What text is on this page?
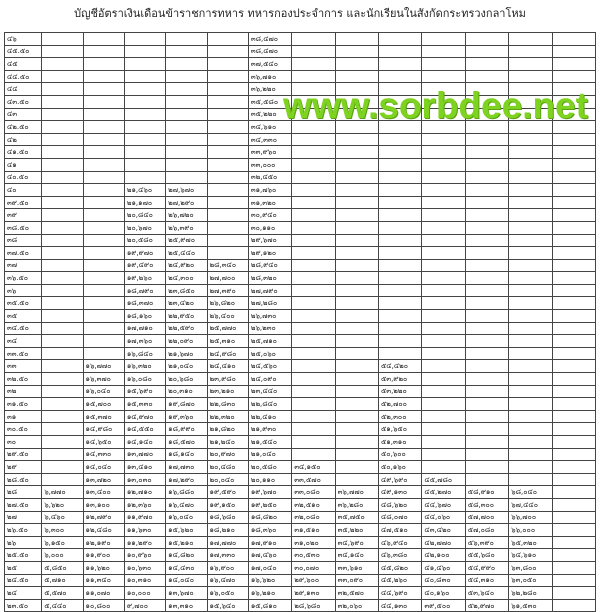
บัญชีอัตราเงินเดือนข้าราชการทหาร ทหารกองประจำการ และนักเรียนในสังกัดกระทรวงกลาโหม
๔๖						๓๘,๔๗๐							
๔๕.๕๐						๓๘,๔๗๐							
๔๕						๓๗,๕๔๐							
๔๔.๕๐						๓๖,๗๑๐							
๔๔						๓๖,๒๒๐							
๔๓.๕๐						๓๕,๕๘๐							
๔๓						๓๕,๒๒๐							
๔๒.๕๐						๓๔,๖๑๐							
๔๒						๓๔,๓๓๐							
๔๑.๕๐						๓๓,๙๖๐							
๔๑						๓๓,๐๐๐							
๔๐.๕๐						๓๒,๔๕๐							
๔๐			๒๑,๔๖๐	๒๗,๖๗๐		๓๑,๗๖๐							
๓๙.๕๐			๒๑,๑๗๐	๒๗,๒๙๐		๓๑,๓๒๐							
๓๙			๒๐,๘๔๐	๒๖,๗๒๐		๓๐,๙๔๐							
๓๘.๕๐			๒๐,๖๗๐	๒๖,๓๙๐		๓๐,๑๑๐							
๓๘			๒๐,๕๘๐	๒๕,๙๗๐		๒๙,๖๗๐							
๓๗.๕๐			๑๙,๙๗๐	๒๕,๔๔๐		๒๙,๑๒๐							
๓๗			๑๙,๔๙๐	๒๔,๙๒๐	๒๘,๓๔๐	๒๘,๙๔๐							
๓๖.๕๐			๑๙,๒๖๐	๒๔,๓๐๐	๒๗,๗๐๐	๒๘,๓๒๐							
๓๖			๑๘,๗๙๐	๒๓,๘๕๐	๒๗,๓๙๐	๒๗,๗๙๐							
๓๕.๕๐			๑๘,๓๗๐	๒๓,๔๒๐	๒๖,๘๒๐	๒๗,๒๘๐							
๓๕			๑๘,๑๖๐	๒๒,๙๕๐	๒๖,๔๐๐	๒๖,๗๓๐							
๓๔.๕๐			๑๗,๗๑๐	๒๒,๕๙๐	๒๕,๗๗๐	๒๖,๒๓๐							
๓๔			๑๗,๓๖๐	๒๒,๐๙๐	๒๕,๓๑๐	๒๕,๗๑๐							
๓๓.๕๐			๑๖,๘๔๐	๒๑,๖๗๐	๒๔,๙๘๐	๒๕,๐๖๐							
๓๓		๑๖,๗๗๐	๑๖,๓๒๐	๒๑,๐๔๐	๒๔,๔๑๐	๒๔,๕๖๐			๕๔,๔๒๐				
๓๒.๕๐		๑๖,๓๗๐	๑๖,๐๘๐	๒๐,๖๘๐	๒๓,๙๘๐	๒๔,๐๙๐			๕๓,๙๒๐				
๓๒		๑๖,๐๔๐	๑๕,๖๙๐	๒๐,๓๑๐	๒๓,๒๑๐	๒๓,๔๔๐			๕๓,๒๒๐				
๓๑.๕๐		๑๕,๗๐๐	๑๕,๓๓๐	๑๙,๘๗๐	๒๒,๘๓๐	๒๒,๘๔๐			๕๒,๗๐๐				
๓๑		๑๕,๓๗๐	๑๔,๙๗๐	๑๙,๓๖๐	๒๒,๓๒๐	๒๒,๔๑๐			๕๒,๓๐๐				
๓๐.๕๐		๑๔,๙๘๐	๑๔,๕๕๐	๑๘,๙๙๐	๒๑,๘๒๐	๒๑,๙๓๐			๕๑,๖๕๐				
๓๐		๑๔,๖๕๐	๑๔,๑๔๐	๑๘,๕๗๐	๒๑,๒๔๐	๒๑,๕๔๐			๕๑,๓๑๐				
๒๙.๕๐		๑๔,๓๓๐	๑๓,๗๗๐	๑๘,๑๔๐	๒๐,๙๗๐	๒๑,๐๔๐			๕๐,๖๐๐				
๒๙		๑๔,๐๔๐	๑๓,๔๑๐	๑๗,๗๓๐	๒๐,๔๘๐	๒๐,๕๘๐	๓๔,๑๕๐		๕๐,๑๖๐				
๒๘.๕๐		๑๓,๗๒๐	๑๓,๐๓๐	๑๗,๒๙๐	๒๐,๐๔๐	๒๐,๑๑๐	๓๓,๕๗๐		๔๙,๖๙๐	๔๕,๗๘๐			
๒๘	๖,๗๗๐	๑๓,๔๐๐	๑๒,๗๑๐	๑๖,๘๘๐	๑๙,๕๙๐	๑๙,๖๗๐	๓๓,๐๘๐	๓๖,๗๗๐	๔๙,๑๓๐	๔๕,๒๗๐	๕๘,๙๑๐	๖๘,๐๔๐	
๒๗.๕๐	๖,๖๒๐	๑๓,๑๐๐	๑๒,๓๖๐	๑๖,๔๗๐	๑๙,๑๕๐	๑๙,๒๕๐	๓๒,๕๑๐	๓๖,๒๘๐	๔๘,๖๒๐	๔๔,๖๗๐	๕๘,๓๐๐	๖๗,๔๔๐	
๒๗	๖,๔๖๐	๑๒,๗๙๐	๑๑,๙๗๐	๑๖,๐๔๐	๑๘,๖๘๐	๑๘,๘๒๐	๓๒,๐๘๐	๓๕,๗๕๐	๔๘,๐๗๐	๔๔,๐๖๐	๕๗,๗๐๐	๖๖,๗๐๐	
๒๖.๕๐	๖,๓๐๐	๑๒,๔๘๐	๑๑,๖๓๐	๑๕,๖๒๐	๑๘,๒๑๐	๑๘,๓๖๐	๓๑,๕๑๐	๓๕,๒๒๐	๔๗,๕๑๐	๔๓,๔๒๐	๕๗,๐๘๐	๖๖,๐๐๐	
๒๖	๖,๑๕๐	๑๒,๑๙๐	๑๑,๒๙๐	๑๕,๒๑๐	๑๗,๗๗๐	๑๗,๙๑๐	๓๑,๐๒๐	๓๔,๖๙๐	๔๖,๙๔๐	๔๒,๗๗๐	๕๖,๓๙๐	๖๕,๓๒๐	
๒๕.๕๐	๖,๐๐๐	๑๑,๙๐๐	๑๐,๙๖๐	๑๔,๘๒๐	๑๗,๓๓๐	๑๗,๔๖๐	๓๐,๕๓๐	๓๔,๑๔๐	๔๖,๓๘๐	๔๒,๑๐๐	๕๕,๖๘๐	๖๔,๖๑๐	
๒๕	๕,๘๕๐	๑๑,๖๒๐	๑๐,๖๓๐	๑๔,๔๓๐	๑๖,๙๐๐	๑๗,๐๔๐	๓๐,๐๗๐	๓๓,๖๑๐	๔๕,๘๒๐	๔๑,๔๖๐	๕๔,๙๙๐	๖๓,๘๐๐	
๒๔.๕๐	๕,๗๑๐	๑๑,๓๔๐	๑๐,๓๑๐	๑๔,๐๔๐	๑๖,๔๗๐	๑๖,๖๒๐	๒๙,๖๐๐	๓๓,๐๙๐	๔๕,๒๖๐	๔๐,๘๓๐	๕๔,๓๑๐	๖๓,๐๕๐	
๒๔	๕,๕๗๐	๑๑,๐๗๐	๑๐,๐๐๐	๑๓,๖๗๐	๑๖,๐๕๐	๑๖,๒๑๐	๒๙,๑๓๐	๓๒,๕๗๐	๔๔,๖๙๐	๔๐,๑๖๐	๕๓,๖๔๐	๖๒,๒๘๐	
๒๓.๕๐	๕,๔๔๐	๑๐,๘๐๐	๙,๗๐๐	๑๓,๓๑๐	๑๕,๖๔๐	๑๕,๘๑๐	๒๘,๖๘๐	๓๒,๐๖๐	๔๔,๑๓๐	๓๙,๕๐๐	๕๒,๙๗๐	๖๑,๕๓๐	
www.sorbdee.net
